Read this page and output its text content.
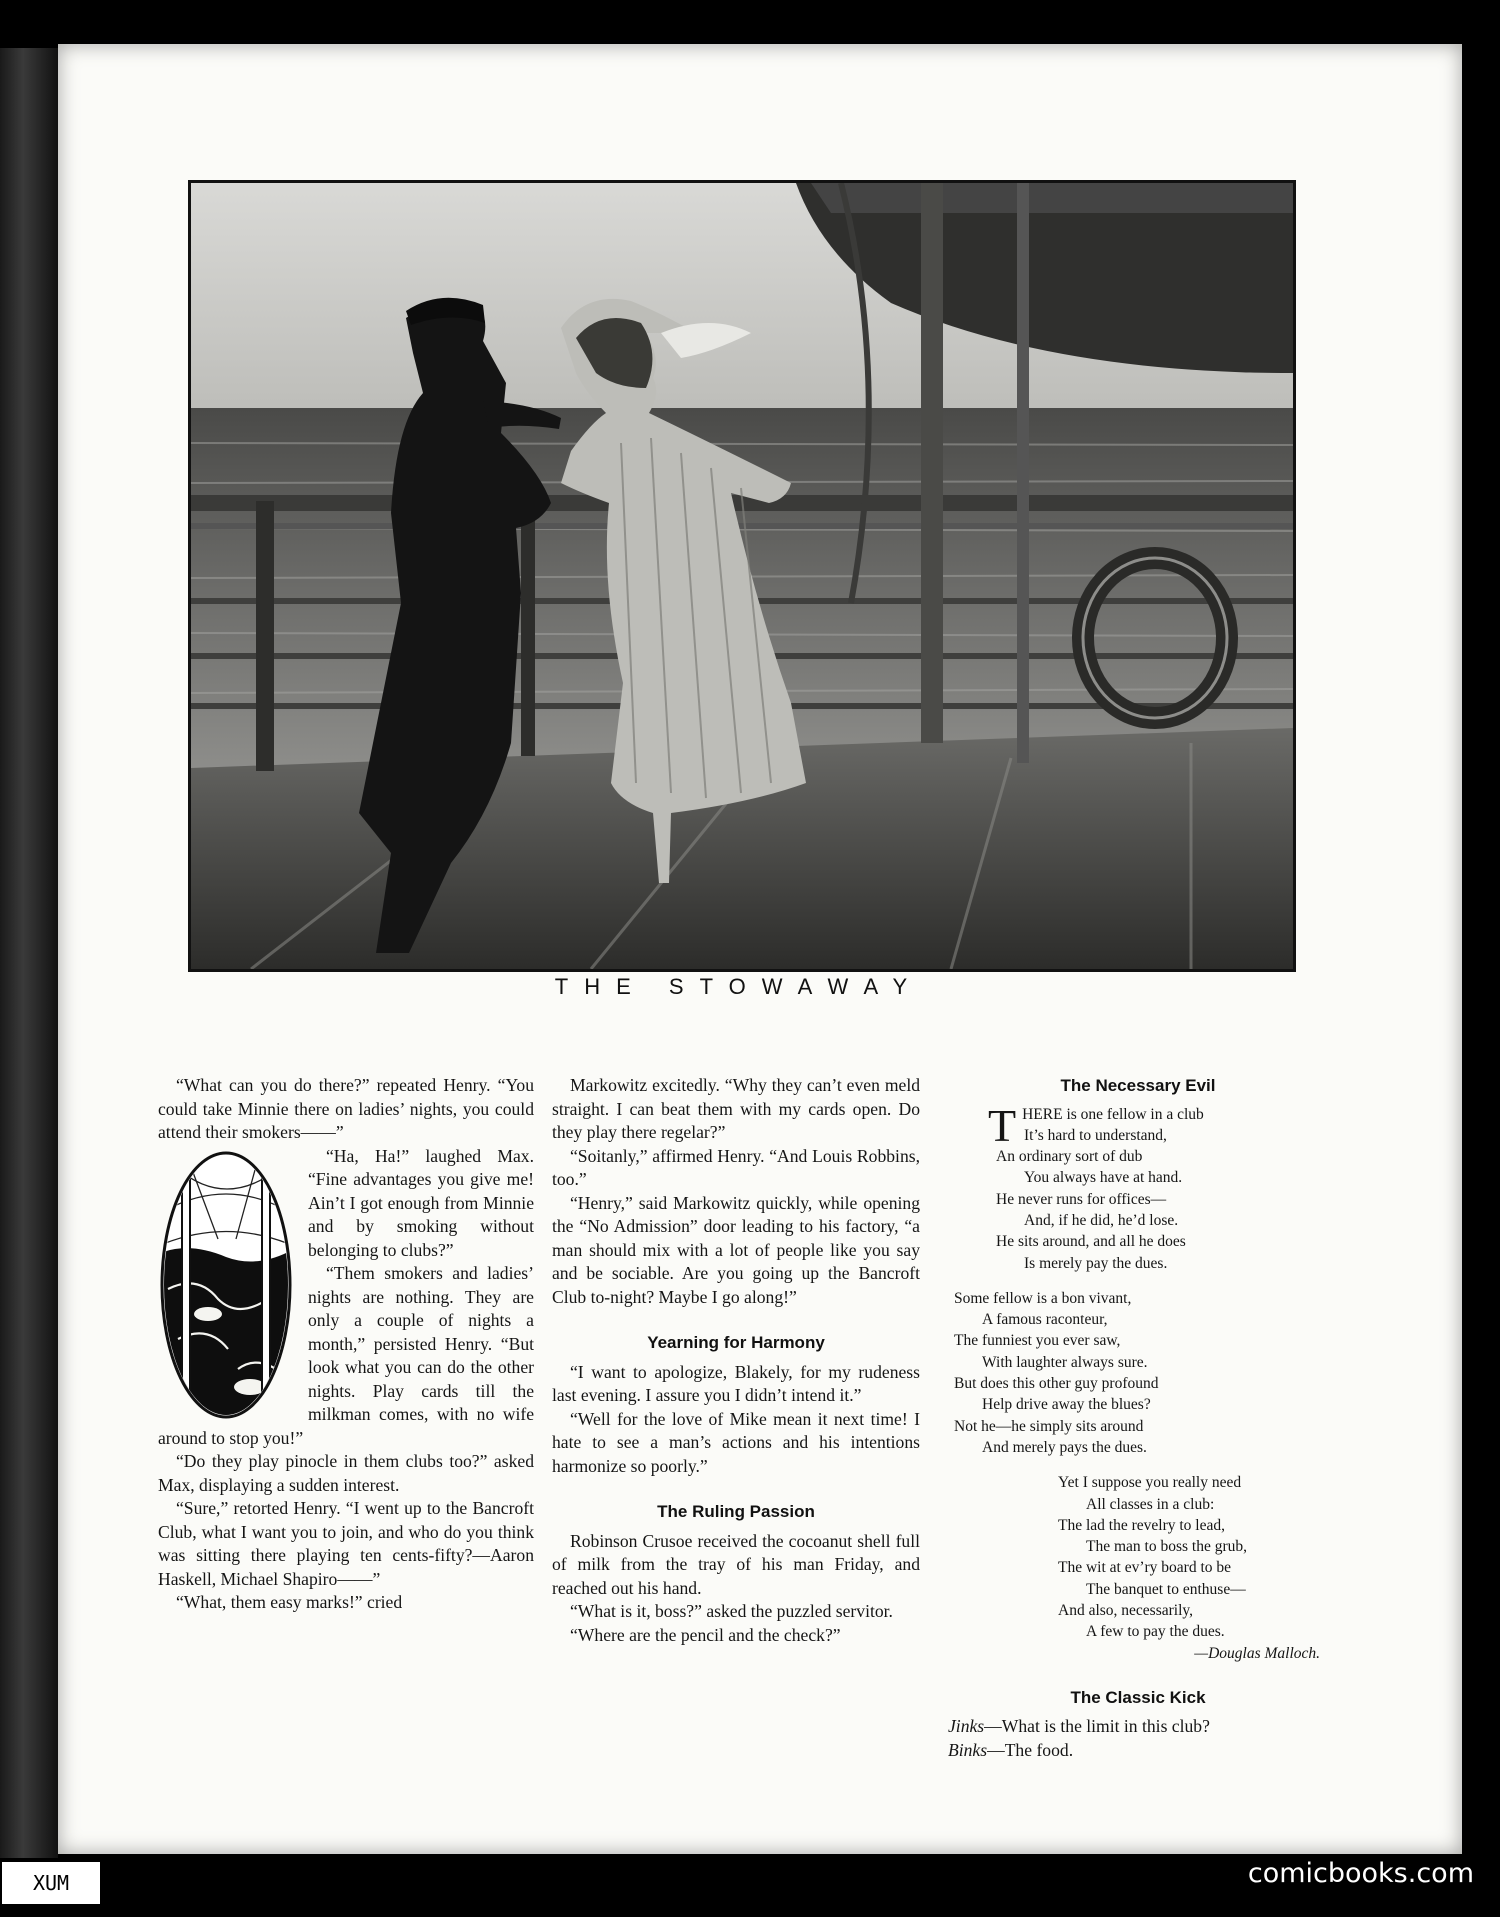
THE STOWAWAY

“What can you do there?” repeated Henry. “You could take Minnie there on ladies’ nights, you could attend their smokers——”

“Ha, Ha!” laughed Max. “Fine advantages you give me! Ain’t I got enough from Minnie and by smoking without belonging to clubs?”

“Them smokers and ladies’ nights are nothing. They are only a couple of nights a month,” persisted Henry. “But look what you can do the other nights. Play cards till the milkman comes, with no wife around to stop you!”

“Do they play pinocle in them clubs too?” asked Max, displaying a sudden interest.

“Sure,” retorted Henry. “I went up to the Bancroft Club, what I want you to join, and who do you think was sitting there playing ten cents-fifty?—Aaron Haskell, Michael Shapiro——”

“What, them easy marks!” cried

Markowitz excitedly. “Why they can’t even meld straight. I can beat them with my cards open. Do they play there regelar?”

“Soitanly,” affirmed Henry. “And Louis Robbins, too.”

“Henry,” said Markowitz quickly, while opening the “No Admission” door leading to his factory, “a man should mix with a lot of people like you say and be sociable. Are you going up the Bancroft Club to-night? Maybe I go along!”

Yearning for Harmony

“I want to apologize, Blakely, for my rudeness last evening. I assure you I didn’t intend it.”

“Well for the love of Mike mean it next time! I hate to see a man’s actions and his intentions harmonize so poorly.”

The Ruling Passion

Robinson Crusoe received the cocoanut shell full of milk from the tray of his man Friday, and reached out his hand.

“What is it, boss?” asked the puzzled servitor.

“Where are the pencil and the check?”

The Necessary Evil
T HERE is one fellow in a club
It’s hard to understand,
An ordinary sort of dub
You always have at hand.
He never runs for offices—
And, if he did, he’d lose.
He sits around, and all he does
Is merely pay the dues.
Some fellow is a bon vivant,
A famous raconteur,
The funniest you ever saw,
With laughter always sure.
But does this other guy profound
Help drive away the blues?
Not he—he simply sits around
And merely pays the dues.
Yet I suppose you really need
All classes in a club:
The lad the revelry to lead,
The man to boss the grub,
The wit at ev’ry board to be
The banquet to enthuse—
And also, necessarily,
A few to pay the dues.
—Douglas Malloch.
The Classic Kick

Jinks—What is the limit in this club?

Binks—The food.

XUM	comicbooks.com
